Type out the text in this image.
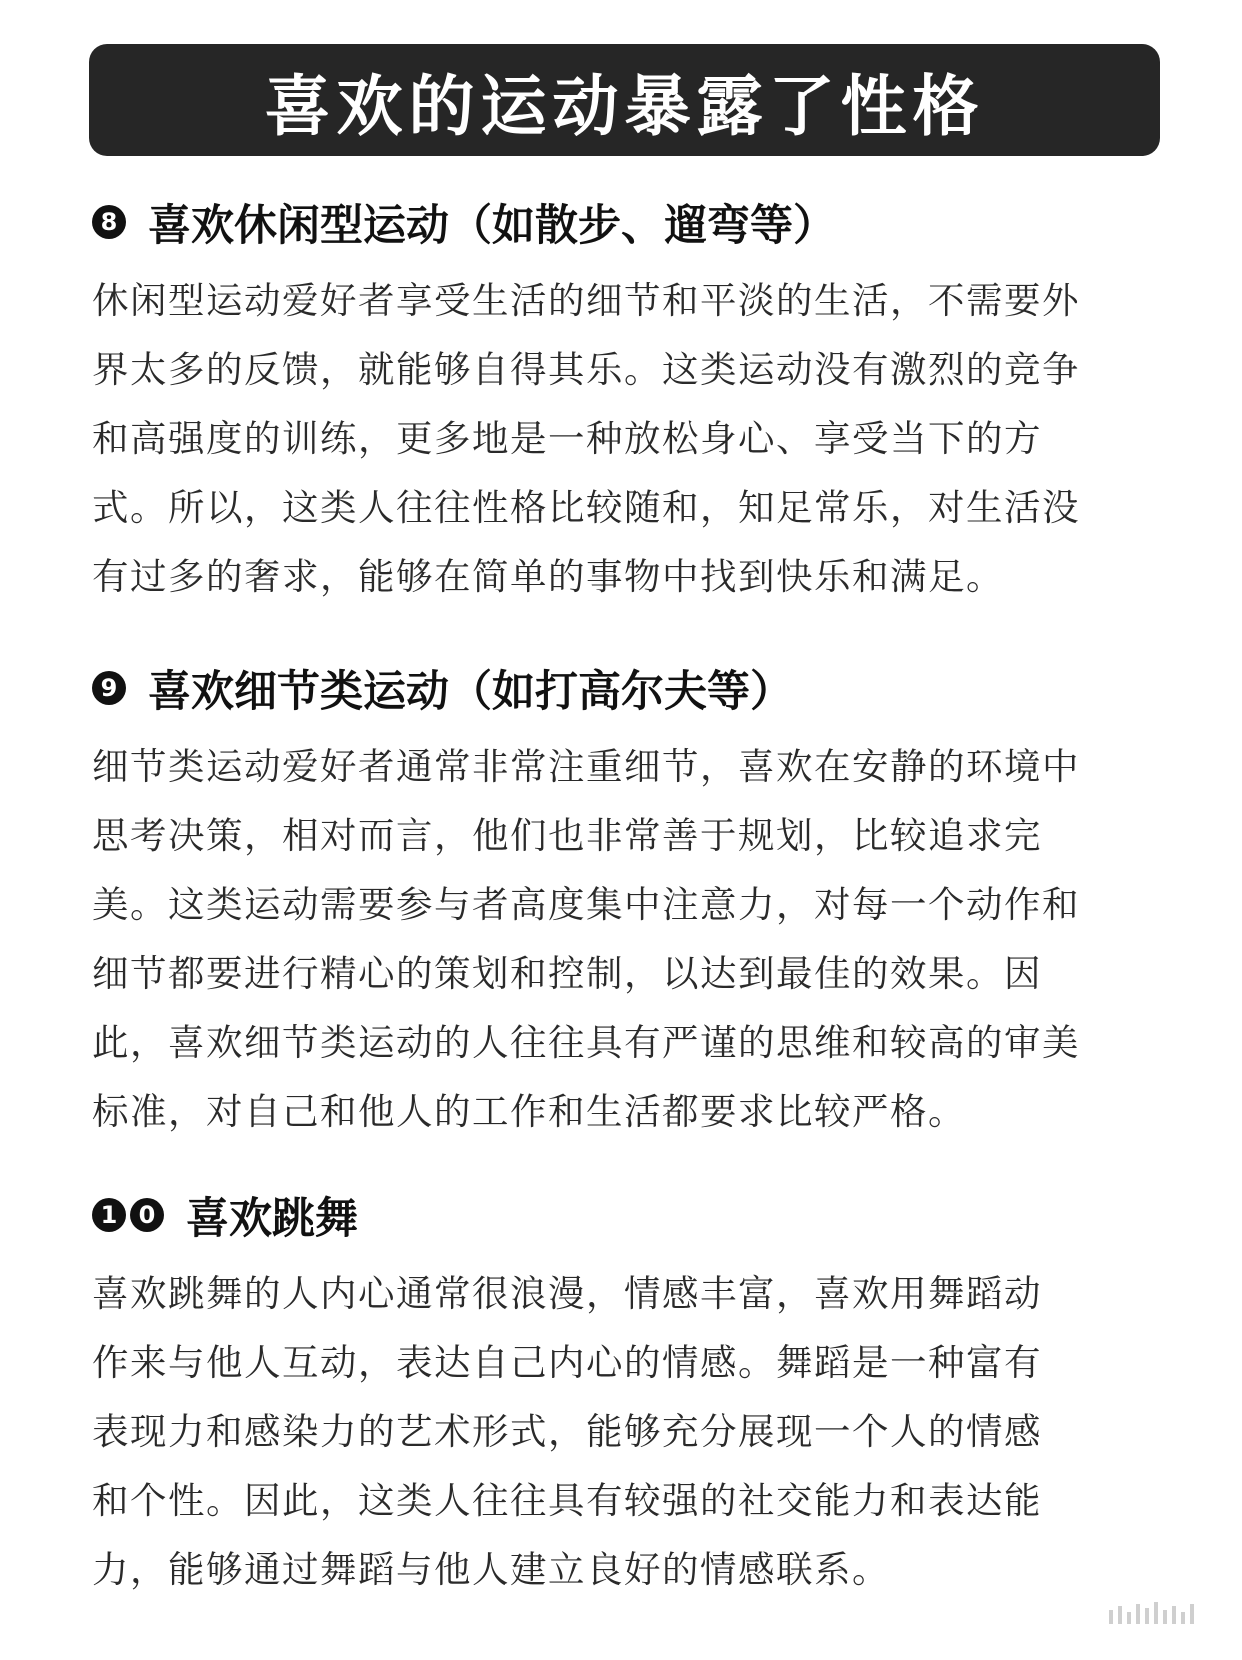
喜欢的运动暴露了性格
8 喜欢休闲型运动（如散步、遛弯等）
休闲型运动爱好者享受生活的细节和平淡的生活，不需要外
界太多的反馈，就能够自得其乐。这类运动没有激烈的竞争
和高强度的训练，更多地是一种放松身心、享受当下的方
式。所以，这类人往往性格比较随和，知足常乐，对生活没
有过多的奢求，能够在简单的事物中找到快乐和满足。
9 喜欢细节类运动（如打高尔夫等）
细节类运动爱好者通常非常注重细节，喜欢在安静的环境中
思考决策，相对而言，他们也非常善于规划，比较追求完
美。这类运动需要参与者高度集中注意力，对每一个动作和
细节都要进行精心的策划和控制，以达到最佳的效果。因
此，喜欢细节类运动的人往往具有严谨的思维和较高的审美
标准，对自己和他人的工作和生活都要求比较严格。
1 0 喜欢跳舞
喜欢跳舞的人内心通常很浪漫，情感丰富，喜欢用舞蹈动
作来与他人互动，表达自己内心的情感。舞蹈是一种富有
表现力和感染力的艺术形式，能够充分展现一个人的情感
和个性。因此，这类人往往具有较强的社交能力和表达能
力，能够通过舞蹈与他人建立良好的情感联系。
